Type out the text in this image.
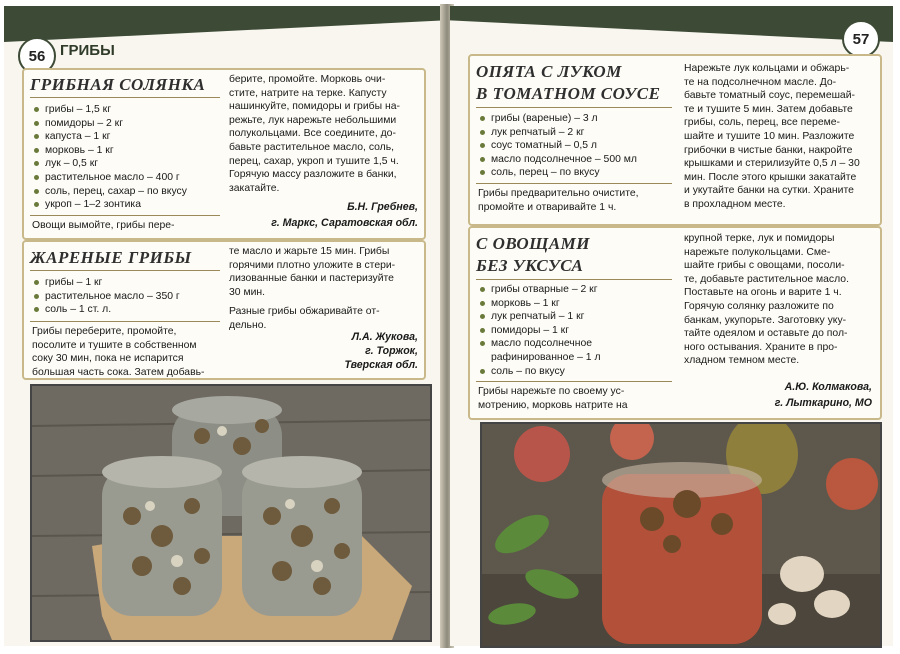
56 ГРИБЫ
ГРИБНАЯ СОЛЯНКА
грибы – 1,5 кг
помидоры – 2 кг
капуста – 1 кг
морковь – 1 кг
лук – 0,5 кг
растительное масло – 400 г
соль, перец, сахар – по вкусу
укроп – 1–2 зонтика
Овощи вымойте, грибы пере-
берите, промойте. Морковь очи-
стите, натрите на терке. Капусту
нашинкуйте, помидоры и грибы на-
режьте, лук нарежьте небольшими
полукольцами. Все соедините, до-
бавьте растительное масло, соль,
перец, сахар, укроп и тушите 1,5 ч.
Горячую массу разложите в банки,
закатайте.
Б.Н. Гребнев,
г. Маркс, Саратовская обл.
ЖАРЕНЫЕ ГРИБЫ
грибы – 1 кг
растительное масло – 350 г
соль – 1 ст. л.
Грибы переберите, промойте,
посолите и тушите в собственном
соку 30 мин, пока не испарится
большая часть сока. Затем добавь-
те масло и жарьте 15 мин. Грибы
горячими плотно уложите в стери-
лизованные банки и пастеризуйте
30 мин.
Разные грибы обжаривайте от-
дельно.
Л.А. Жукова,
г. Торжок,
Тверская обл.
57
ОПЯТА С ЛУКОМ
В ТОМАТНОМ СОУСЕ
грибы (вареные) – 3 л
лук репчатый – 2 кг
соус томатный – 0,5 л
масло подсолнечное – 500 мл
соль, перец – по вкусу
Грибы предварительно очистите,
промойте и отваривайте 1 ч.
Нарежьте лук кольцами и обжарь-
те на подсолнечном масле. До-
бавьте томатный соус, перемешай-
те и тушите 5 мин. Затем добавьте
грибы, соль, перец, все переме-
шайте и тушите 10 мин. Разложите
грибочки в чистые банки, накройте
крышками и стерилизуйте 0,5 л – 30
мин. После этого крышки закатайте
и укутайте банки на сутки. Храните
в прохладном месте.
С ОВОЩАМИ
БЕЗ УКСУСА
грибы отварные – 2 кг
морковь – 1 кг
лук репчатый – 1 кг
помидоры – 1 кг
масло подсолнечное
рафинированное – 1 л
соль – по вкусу
Грибы нарежьте по своему ус-
мотрению, морковь натрите на
крупной терке, лук и помидоры
нарежьте полукольцами. Сме-
шайте грибы с овощами, посоли-
те, добавьте растительное масло.
Поставьте на огонь и варите 1 ч.
Горячую солянку разложите по
банкам, укупорьте. Заготовку уку-
тайте одеялом и оставьте до пол-
ного остывания. Храните в про-
хладном темном месте.
А.Ю. Колмакова,
г. Лыткарино, МО
